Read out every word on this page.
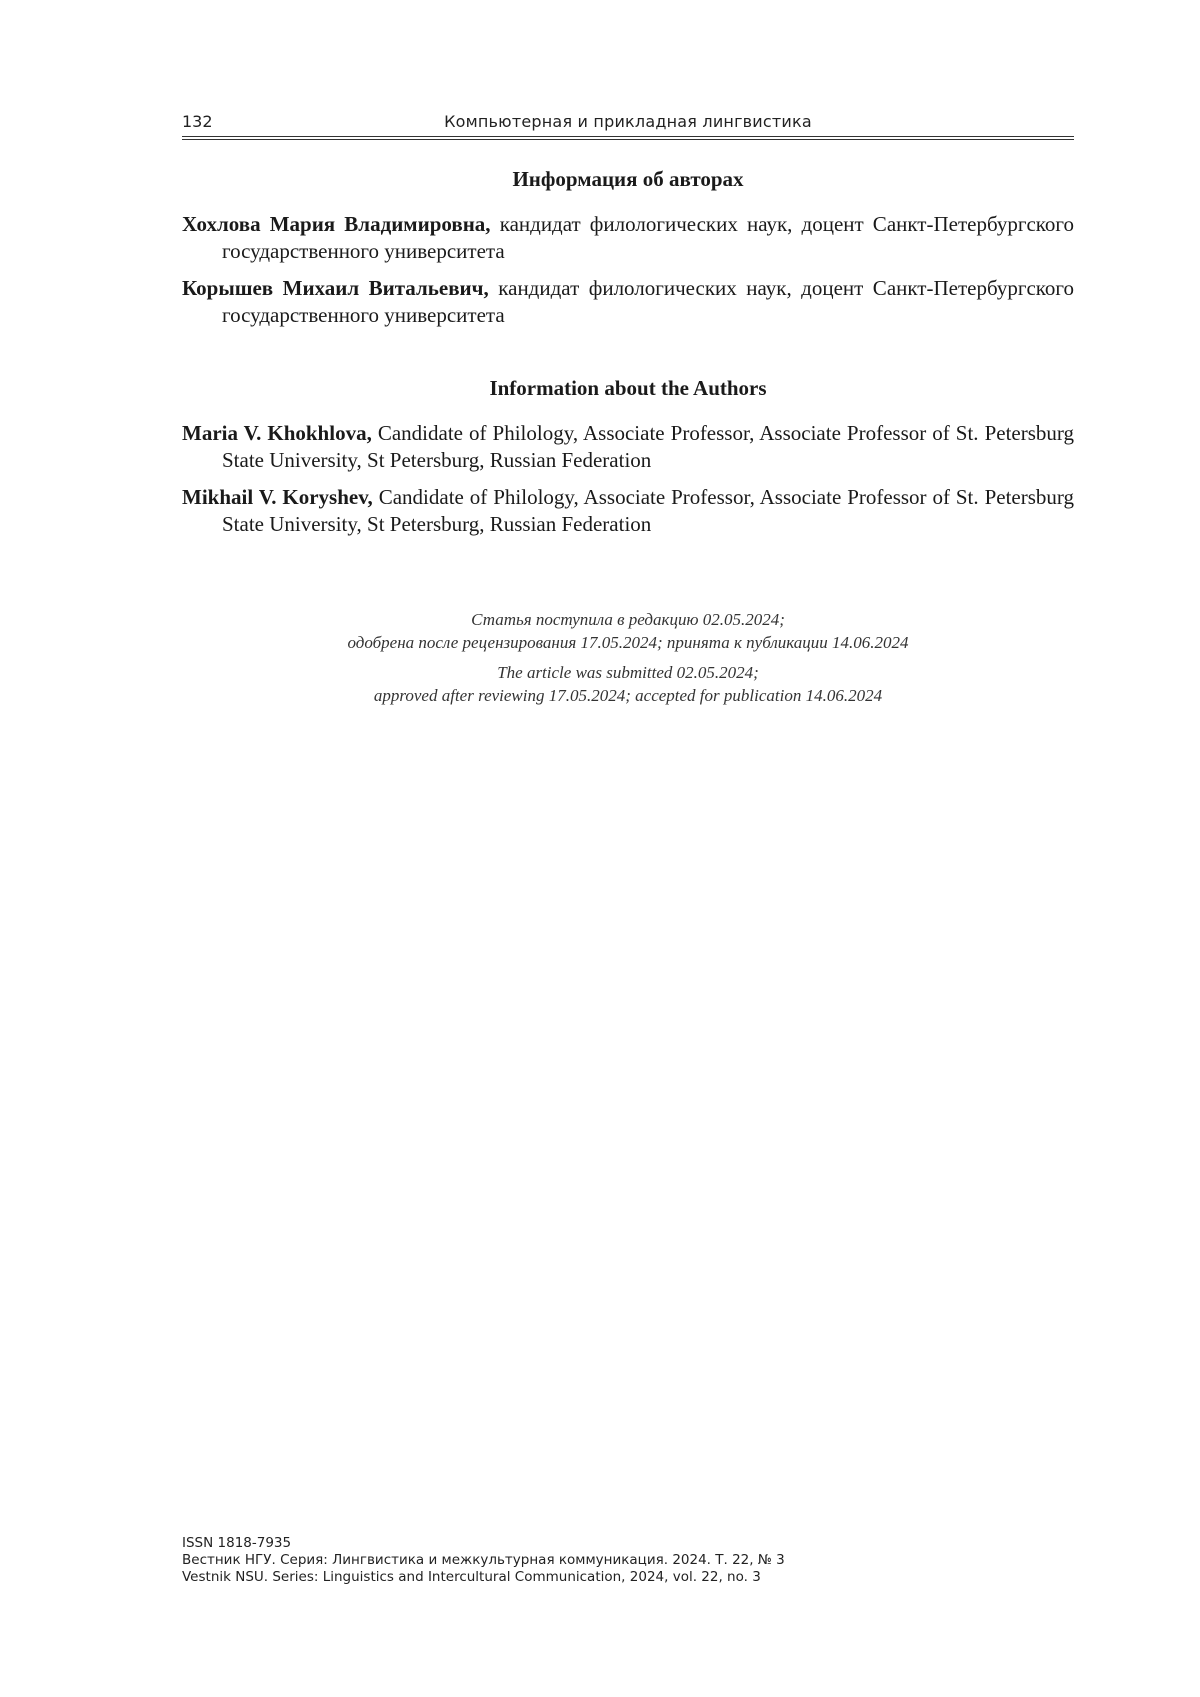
132	Компьютерная и прикладная лингвистика
Информация об авторах

Хохлова Мария Владимировна, кандидат филологических наук, доцент Санкт-Петербургского государственного университета

Корышев Михаил Витальевич, кандидат филологических наук, доцент Санкт-Петербургского государственного университета

Information about the Authors

Maria V. Khokhlova, Candidate of Philology, Associate Professor, Associate Professor of St. Petersburg State University, St Petersburg, Russian Federation

Mikhail V. Koryshev, Candidate of Philology, Associate Professor, Associate Professor of St. Petersburg State University, St Petersburg, Russian Federation

Статья поступила в редакцию 02.05.2024;
одобрена после рецензирования 17.05.2024; принята к публикации 14.06.2024
The article was submitted 02.05.2024;
approved after reviewing 17.05.2024; accepted for publication 14.06.2024
ISSN 1818-7935
Вестник НГУ. Серия: Лингвистика и межкультурная коммуникация. 2024. Т. 22, № 3
Vestnik NSU. Series: Linguistics and Intercultural Communication, 2024, vol. 22, no. 3
